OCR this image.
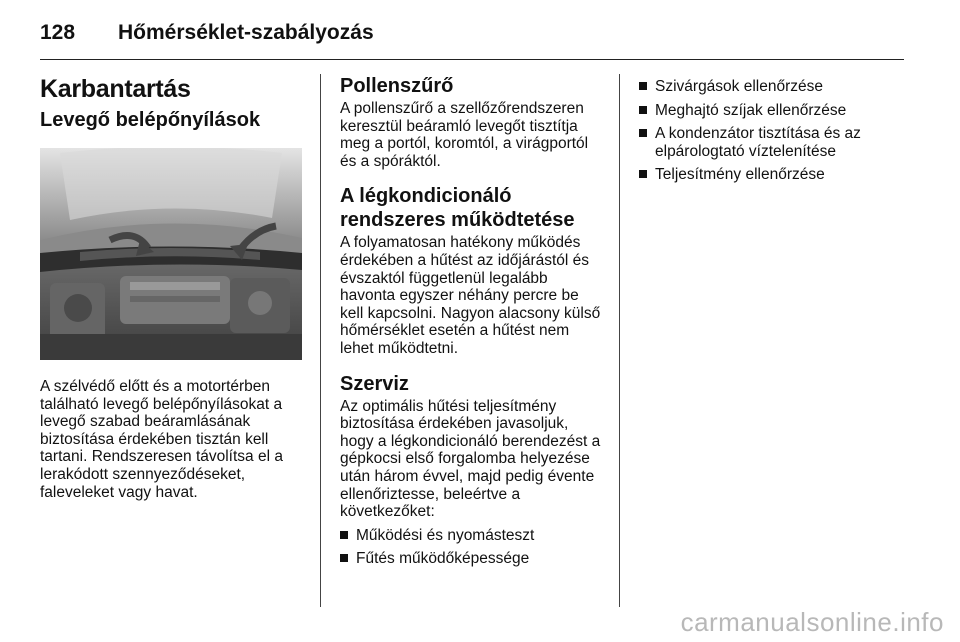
128	Hőmérséklet-szabályozás
Karbantartás
Levegő belépőnyílások

A szélvédő előtt és a motortérben található levegő belépőnyílásokat a levegő szabad beáramlásának biztosítása érdekében tisztán kell tartani. Rendszeresen távolítsa el a lerakódott szennyeződéseket, faleveleket vagy havat.

Pollenszűrő

A pollenszűrő a szellőzőrendszeren keresztül beáramló levegőt tisztítja meg a portól, koromtól, a virágportól és a spóráktól.

A légkondicionáló rendszeres működtetése

A folyamatosan hatékony működés érdekében a hűtést az időjárástól és évszaktól függetlenül legalább havonta egyszer néhány percre be kell kapcsolni. Nagyon alacsony külső hőmérséklet esetén a hűtést nem lehet működtetni.

Szerviz

Az optimális hűtési teljesítmény biztosítása érdekében javasoljuk, hogy a légkondicionáló berendezést a gépkocsi első forgalomba helyezése után három évvel, majd pedig évente ellenőriztesse, beleértve a következőket:

Működési és nyomásteszt
Fűtés működőképessége
Szivárgások ellenőrzése
Meghajtó szíjak ellenőrzése
A kondenzátor tisztítása és az elpárologtató víztelenítése
Teljesítmény ellenőrzése
carmanualsonline.info
